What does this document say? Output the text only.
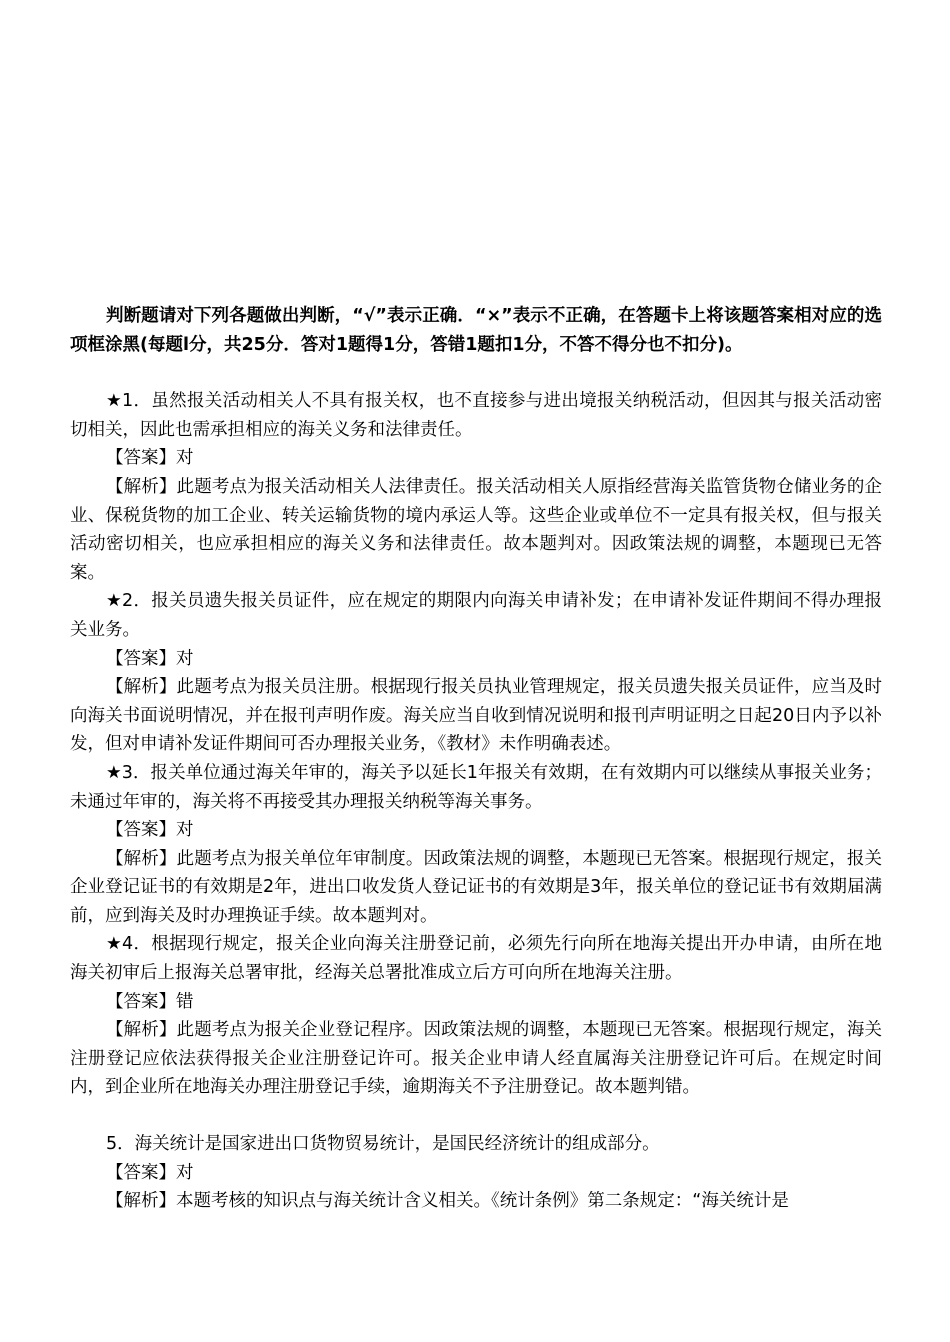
判断题请对下列各题做出判断，“√”表示正确．“×”表示不正确，在答题卡上将该题答案相对应的选项框涂黑(每题l分，共25分．答对1题得1分，答错1题扣1分，不答不得分也不扣分)。

★1．虽然报关活动相关人不具有报关权，也不直接参与进出境报关纳税活动，但因其与报关活动密切相关，因此也需承担相应的海关义务和法律责任。

【答案】对

【解析】此题考点为报关活动相关人法律责任。报关活动相关人原指经营海关监管货物仓储业务的企业、保税货物的加工企业、转关运输货物的境内承运人等。这些企业或单位不一定具有报关权，但与报关活动密切相关，也应承担相应的海关义务和法律责任。故本题判对。因政策法规的调整，本题现已无答案。

★2．报关员遗失报关员证件，应在规定的期限内向海关申请补发；在申请补发证件期间不得办理报关业务。

【答案】对

【解析】此题考点为报关员注册。根据现行报关员执业管理规定，报关员遗失报关员证件，应当及时向海关书面说明情况，并在报刊声明作废。海关应当自收到情况说明和报刊声明证明之日起20日内予以补发，但对申请补发证件期间可否办理报关业务，《教材》未作明确表述。

★3．报关单位通过海关年审的，海关予以延长1年报关有效期，在有效期内可以继续从事报关业务；未通过年审的，海关将不再接受其办理报关纳税等海关事务。

【答案】对

【解析】此题考点为报关单位年审制度。因政策法规的调整，本题现已无答案。根据现行规定，报关企业登记证书的有效期是2年，进出口收发货人登记证书的有效期是3年，报关单位的登记证书有效期届满前，应到海关及时办理换证手续。故本题判对。

★4．根据现行规定，报关企业向海关注册登记前，必须先行向所在地海关提出开办申请，由所在地海关初审后上报海关总署审批，经海关总署批准成立后方可向所在地海关注册。

【答案】错

【解析】此题考点为报关企业登记程序。因政策法规的调整，本题现已无答案。根据现行规定，海关注册登记应依法获得报关企业注册登记许可。报关企业申请人经直属海关注册登记许可后。在规定时间内，到企业所在地海关办理注册登记手续，逾期海关不予注册登记。故本题判错。

5．海关统计是国家进出口货物贸易统计，是国民经济统计的组成部分。

【答案】对

【解析】本题考核的知识点与海关统计含义相关。《统计条例》第二条规定：“海关统计是
